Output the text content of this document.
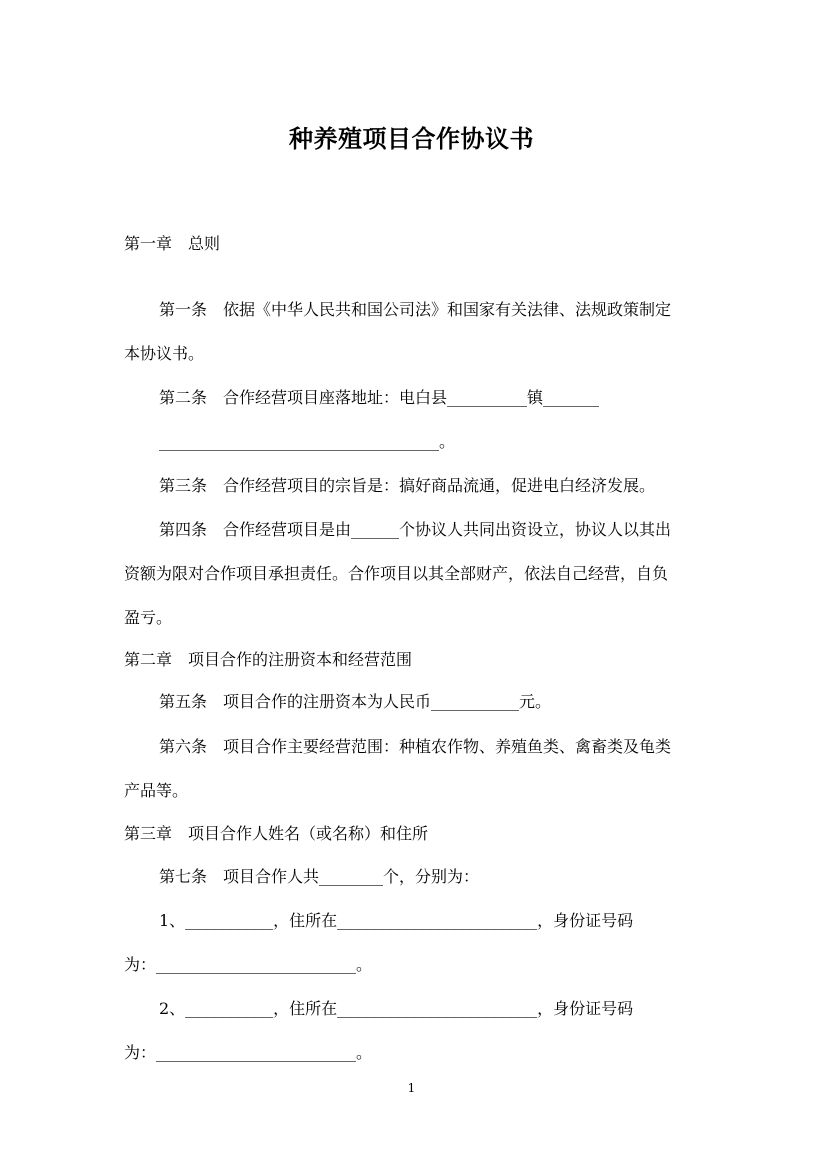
种养殖项目合作协议书
第一章　总则
第一条　依据《中华人民共和国公司法》和国家有关法律、法规政策制定
本协议书。
第二条　合作经营项目座落地址：电白县__________镇_______
___________________________________。
第三条　合作经营项目的宗旨是：搞好商品流通，促进电白经济发展。
第四条　合作经营项目是由______个协议人共同出资设立，协议人以其出
资额为限对合作项目承担责任。合作项目以其全部财产，依法自己经营，自负
盈亏。
第二章　项目合作的注册资本和经营范围
第五条　项目合作的注册资本为人民币___________元。
第六条　项目合作主要经营范围：种植农作物、养殖鱼类、禽畜类及龟类
产品等。
第三章　项目合作人姓名（或名称）和住所
第七条　项目合作人共________个，分别为：
1、___________，住所在_________________________，身份证号码
为：_________________________。
2、___________，住所在_________________________，身份证号码
为：_________________________。
1
